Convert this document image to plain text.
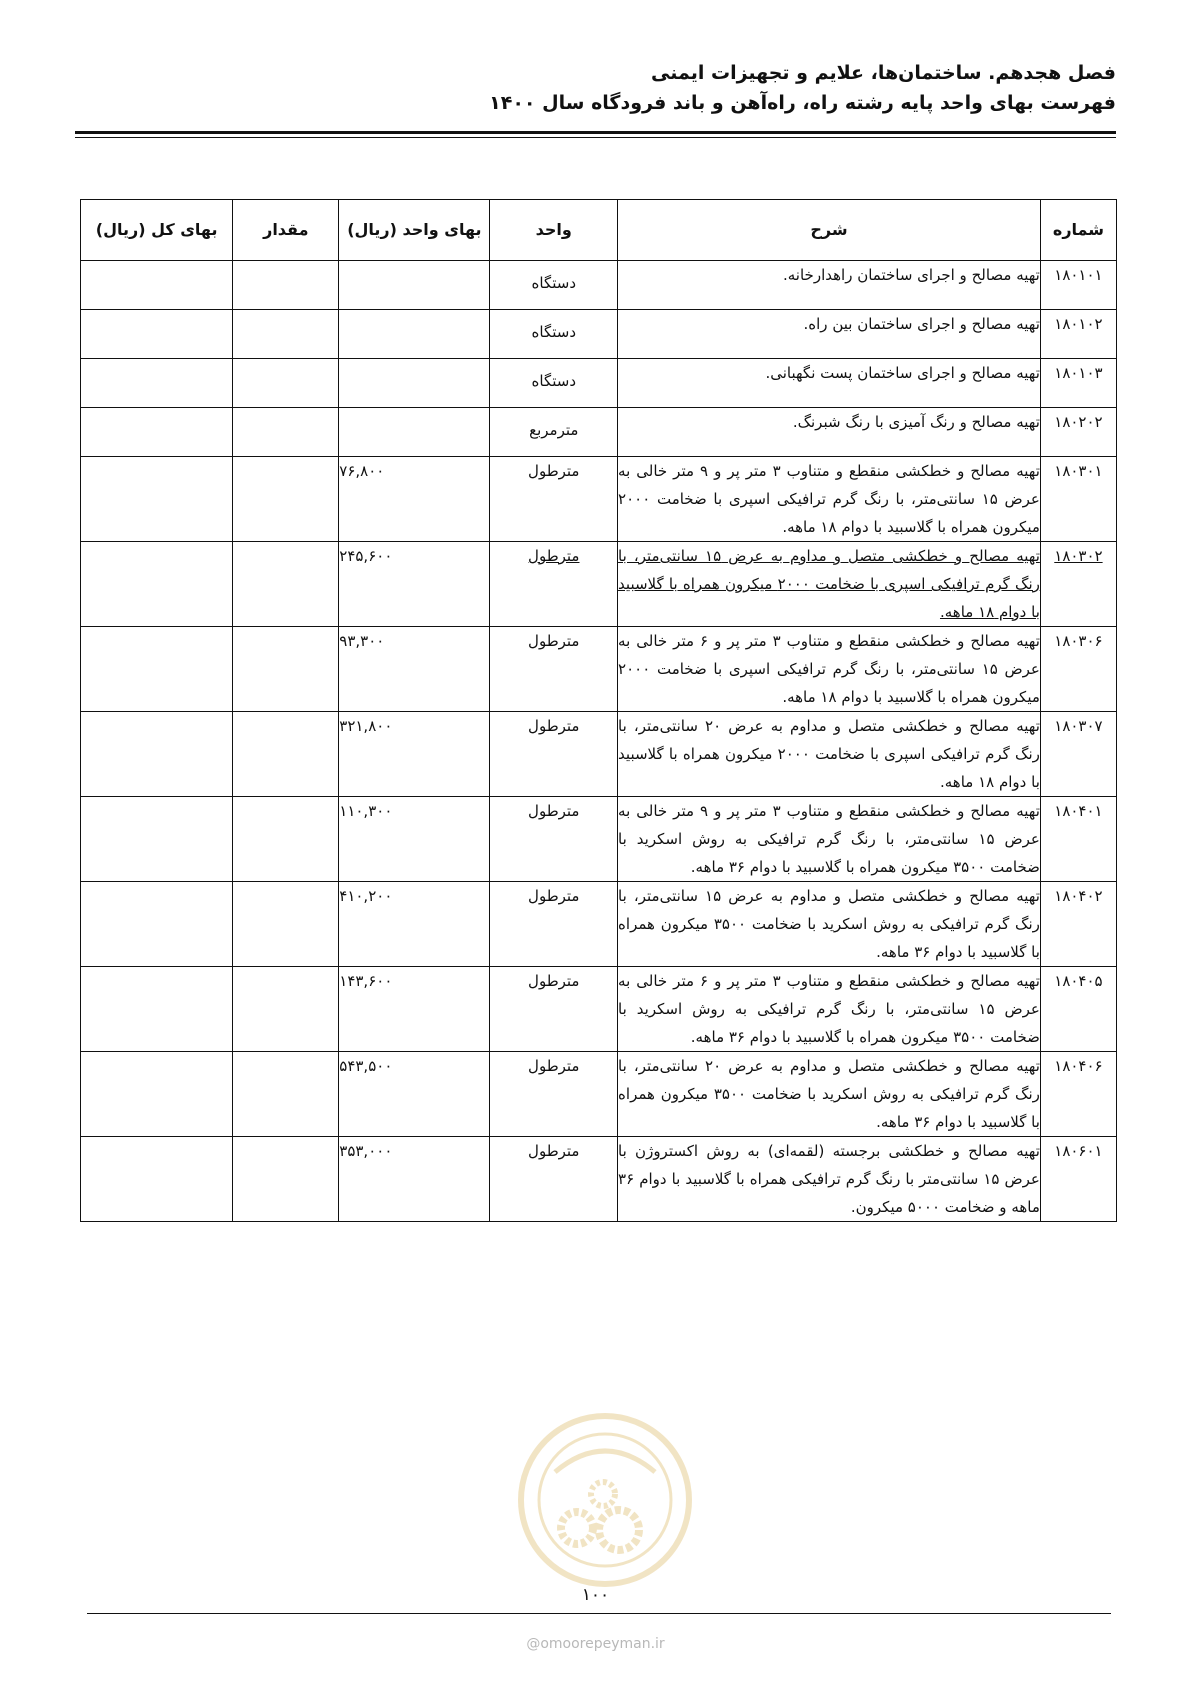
فصل هجدهم. ساختمان‌ها، علایم و تجهیزات ایمنی
فهرست بهای واحد پایه رشته راه، راه‌آهن و باند فرودگاه سال ۱۴۰۰
شماره	شرح	واحد	بهای واحد (ریال)	مقدار	بهای کل (ریال)
۱۸۰۱۰۱	تهیه مصالح و اجرای ساختمان راهدارخانه.	دستگاه			
۱۸۰۱۰۲	تهیه مصالح و اجرای ساختمان بین راه.	دستگاه			
۱۸۰۱۰۳	تهیه مصالح و اجرای ساختمان پست نگهبانی.	دستگاه			
۱۸۰۲۰۲	تهیه مصالح و رنگ آمیزی با رنگ شبرنگ.	مترمربع			
۱۸۰۳۰۱	تهیه مصالح و خطکشی منقطع و متناوب ۳ متر پر و ۹ متر خالی به عرض ۱۵ سانتی‌متر، با رنگ گرم ترافیکی اسپری با ضخامت ۲۰۰۰ میکرون همراه با گلاسبید با دوام ۱۸ ماهه.	مترطول	۷۶,۸۰۰		
۱۸۰۳۰۲	تهیه مصالح و خطکشی متصل و مداوم به عرض ۱۵ سانتی‌متر، با رنگ گرم ترافیکی اسپری با ضخامت ۲۰۰۰ میکرون همراه با گلاسبید با دوام ۱۸ ماهه.	مترطول	۲۴۵,۶۰۰		
۱۸۰۳۰۶	تهیه مصالح و خطکشی منقطع و متناوب ۳ متر پر و ۶ متر خالی به عرض ۱۵ سانتی‌متر، با رنگ گرم ترافیکی اسپری با ضخامت ۲۰۰۰ میکرون همراه با گلاسبید با دوام ۱۸ ماهه.	مترطول	۹۳,۳۰۰		
۱۸۰۳۰۷	تهیه مصالح و خطکشی متصل و مداوم به عرض ۲۰ سانتی‌متر، با رنگ گرم ترافیکی اسپری با ضخامت ۲۰۰۰ میکرون همراه با گلاسبید با دوام ۱۸ ماهه.	مترطول	۳۲۱,۸۰۰		
۱۸۰۴۰۱	تهیه مصالح و خطکشی منقطع و متناوب ۳ متر پر و ۹ متر خالی به عرض ۱۵ سانتی‌متر، با رنگ گرم ترافیکی به روش اسکرید با ضخامت ۳۵۰۰ میکرون همراه با گلاسبید با دوام ۳۶ ماهه.	مترطول	۱۱۰,۳۰۰		
۱۸۰۴۰۲	تهیه مصالح و خطکشی متصل و مداوم به عرض ۱۵ سانتی‌متر، با رنگ گرم ترافیکی به روش اسکرید با ضخامت ۳۵۰۰ میکرون همراه با گلاسبید با دوام ۳۶ ماهه.	مترطول	۴۱۰,۲۰۰		
۱۸۰۴۰۵	تهیه مصالح و خطکشی منقطع و متناوب ۳ متر پر و ۶ متر خالی به عرض ۱۵ سانتی‌متر، با رنگ گرم ترافیکی به روش اسکرید با ضخامت ۳۵۰۰ میکرون همراه با گلاسبید با دوام ۳۶ ماهه.	مترطول	۱۴۳,۶۰۰		
۱۸۰۴۰۶	تهیه مصالح و خطکشی متصل و مداوم به عرض ۲۰ سانتی‌متر، با رنگ گرم ترافیکی به روش اسکرید با ضخامت ۳۵۰۰ میکرون همراه با گلاسبید با دوام ۳۶ ماهه.	مترطول	۵۴۳,۵۰۰		
۱۸۰۶۰۱	تهیه مصالح و خطکشی برجسته (لقمه‌ای) به روش اکستروژن با عرض ۱۵ سانتی‌متر با رنگ گرم ترافیکی همراه با گلاسبید با دوام ۳۶ ماهه و ضخامت ۵۰۰۰ میکرون.	مترطول	۳۵۳,۰۰۰		
۱۰۰
@omoorepeyman.ir
